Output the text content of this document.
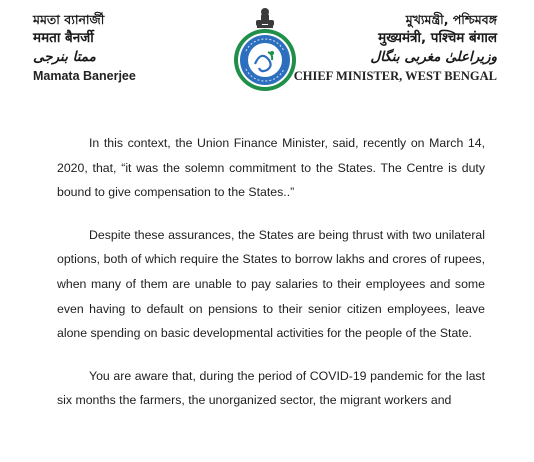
মমতা ব্যানার্জী
ममता बैनर्जी
ممتا بنرجی
Mamata Banerjee
মুখ্যমন্ত্রী, পশ্চিমবঙ্গ
मुख्यमंत्री, पश्चिम बंगाल
وزیراعلیٰ مغربی بنگال
CHIEF MINISTER, WEST BENGAL

In this context, the Union Finance Minister, said, recently on March 14, 2020, that, “it was the solemn commitment to the States. The Centre is duty bound to give compensation to the States..”

Despite these assurances, the States are being thrust with two unilateral options, both of which require the States to borrow lakhs and crores of rupees, when many of them are unable to pay salaries to their employees and some even having to default on pensions to their senior citizen employees, leave alone spending on basic developmental activities for the people of the State.

You are aware that, during the period of COVID-19 pandemic for the last six months the farmers, the unorganized sector, the migrant workers and
